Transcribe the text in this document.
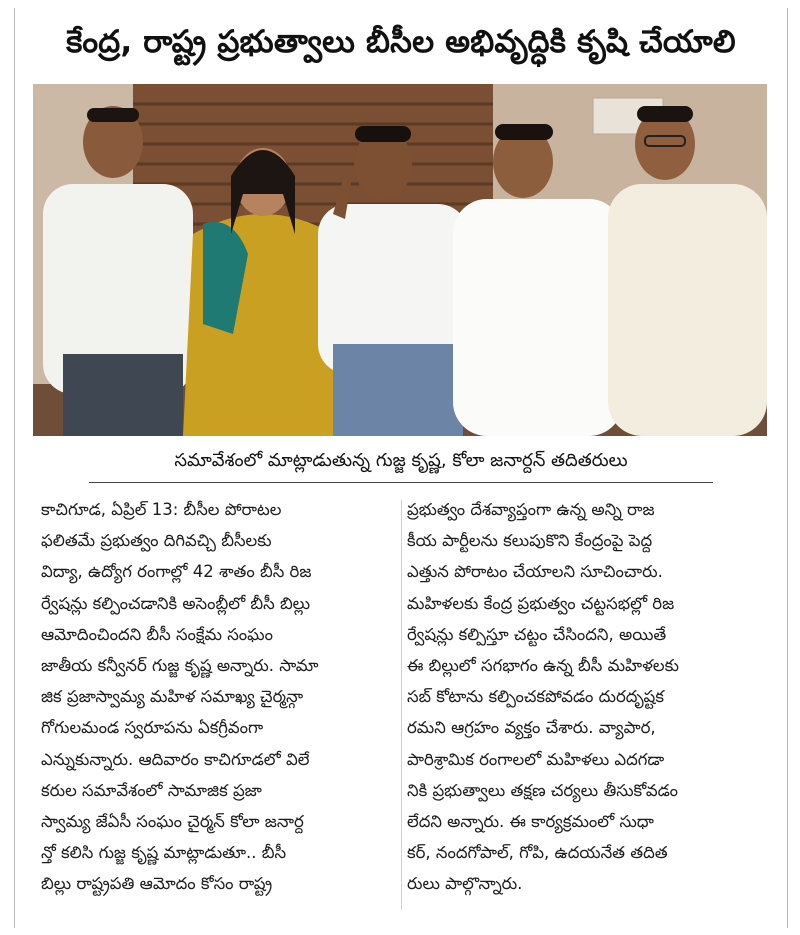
కేంద్ర, రాష్ట్ర ప్రభుత్వాలు బీసీల అభివృద్ధికి కృషి చేయాలి
సమావేశంలో మాట్లాడుతున్న గుజ్జ కృష్ణ, కోలా జనార్దన్ తదితరులు
కాచిగూడ, ఏప్రిల్ 13: బీసీల పోరాటల
ఫలితమే ప్రభుత్వం దిగివచ్చి బీసీలకు
విద్యా, ఉద్యోగ రంగాల్లో 42 శాతం బీసీ రిజ
ర్వేషన్లు కల్పించడానికి అసెంబ్లీలో బీసీ బిల్లు
ఆమోదించిందని బీసీ సంక్షేమ సంఘం
జాతీయ కన్వీనర్ గుజ్జ కృష్ణ అన్నారు. సామా
జిక ప్రజాస్వామ్య మహిళ సమాఖ్య చైర్మన్గా
గోగులమండ స్వరూపను ఏకగ్రీవంగా
ఎన్నుకున్నారు. ఆదివారం కాచిగూడలో విలే
కరుల సమావేశంలో సామాజిక ప్రజా
స్వామ్య జేఏసీ సంఘం చైర్మన్ కోలా జనార్ద
న్తో కలిసి గుజ్జ కృష్ణ మాట్లాడుతూ.. బీసీ
బిల్లు రాష్ట్రపతి ఆమోదం కోసం రాష్ట్ర
ప్రభుత్వం దేశవ్యాప్తంగా ఉన్న అన్ని రాజ
కీయ పార్టీలను కలుపుకొని కేంద్రంపై పెద్ద
ఎత్తున పోరాటం చేయాలని సూచించారు.
మహిళలకు కేంద్ర ప్రభుత్వం చట్టసభల్లో రిజ
ర్వేషన్లు కల్పిస్తూ చట్టం చేసిందని, అయితే
ఈ బిల్లులో సగభాగం ఉన్న బీసీ మహిళలకు
సబ్ కోటాను కల్పించకపోవడం దురదృష్టక
రమని ఆగ్రహం వ్యక్తం చేశారు. వ్యాపార,
పారిశ్రామిక రంగాలలో మహిళలు ఎదగడా
నికి ప్రభుత్వాలు తక్షణ చర్యలు తీసుకోవడం
లేదని అన్నారు. ఈ కార్యక్రమంలో సుధా
కర్, నందగోపాల్, గోపి, ఉదయనేత తదిత
రులు పాల్గొన్నారు.
